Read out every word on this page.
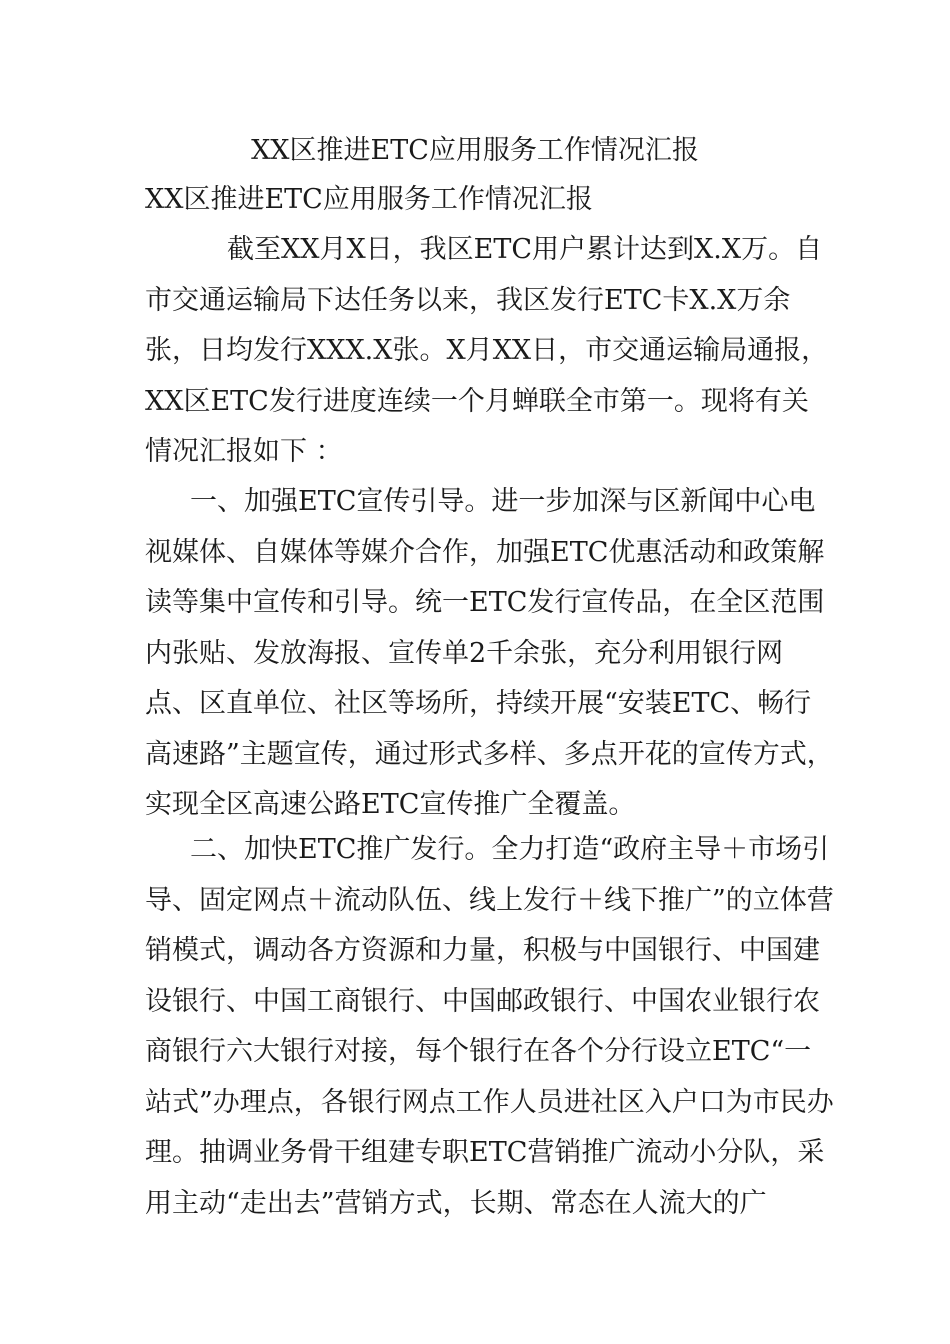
XX区推进ETC应用服务工作情况汇报
XX区推进ETC应用服务工作情况汇报

截至XX月X日，我区ETC用户累计达到X.X万。自市交通运输局下达任务以来，我区发行ETC卡X.X万余张，日均发行XXX.X张。X月XX日，市交通运输局通报，XX区ETC发行进度连续一个月蝉联全市第一。现将有关情况汇报如下 ：

一、加强ETC宣传引导。进一步加深与区新闻中心电视媒体、自媒体等媒介合作，加强ETC优惠活动和政策解读等集中宣传和引导。统一ETC发行宣传品，在全区范围内张贴、发放海报、宣传单2千余张，充分利用银行网点、区直单位、社区等场所，持续开展“安装ETC、畅行高速路”主题宣传，通过形式多样、多点开花的宣传方式，实现全区高速公路ETC宣传推广全覆盖。

二、加快ETC推广发行。全力打造“政府主导＋市场引导、固定网点＋流动队伍、线上发行＋线下推广”的立体营销模式，调动各方资源和力量，积极与中国银行、中国建设银行、中国工商银行、中国邮政银行、中国农业银行农商银行六大银行对接，每个银行在各个分行设立ETC“一站式”办理点，各银行网点工作人员进社区入户口为市民办理。抽调业务骨干组建专职ETC营销推广流动小分队，采用主动“走出去”营销方式，长期、常态在人流大的广
